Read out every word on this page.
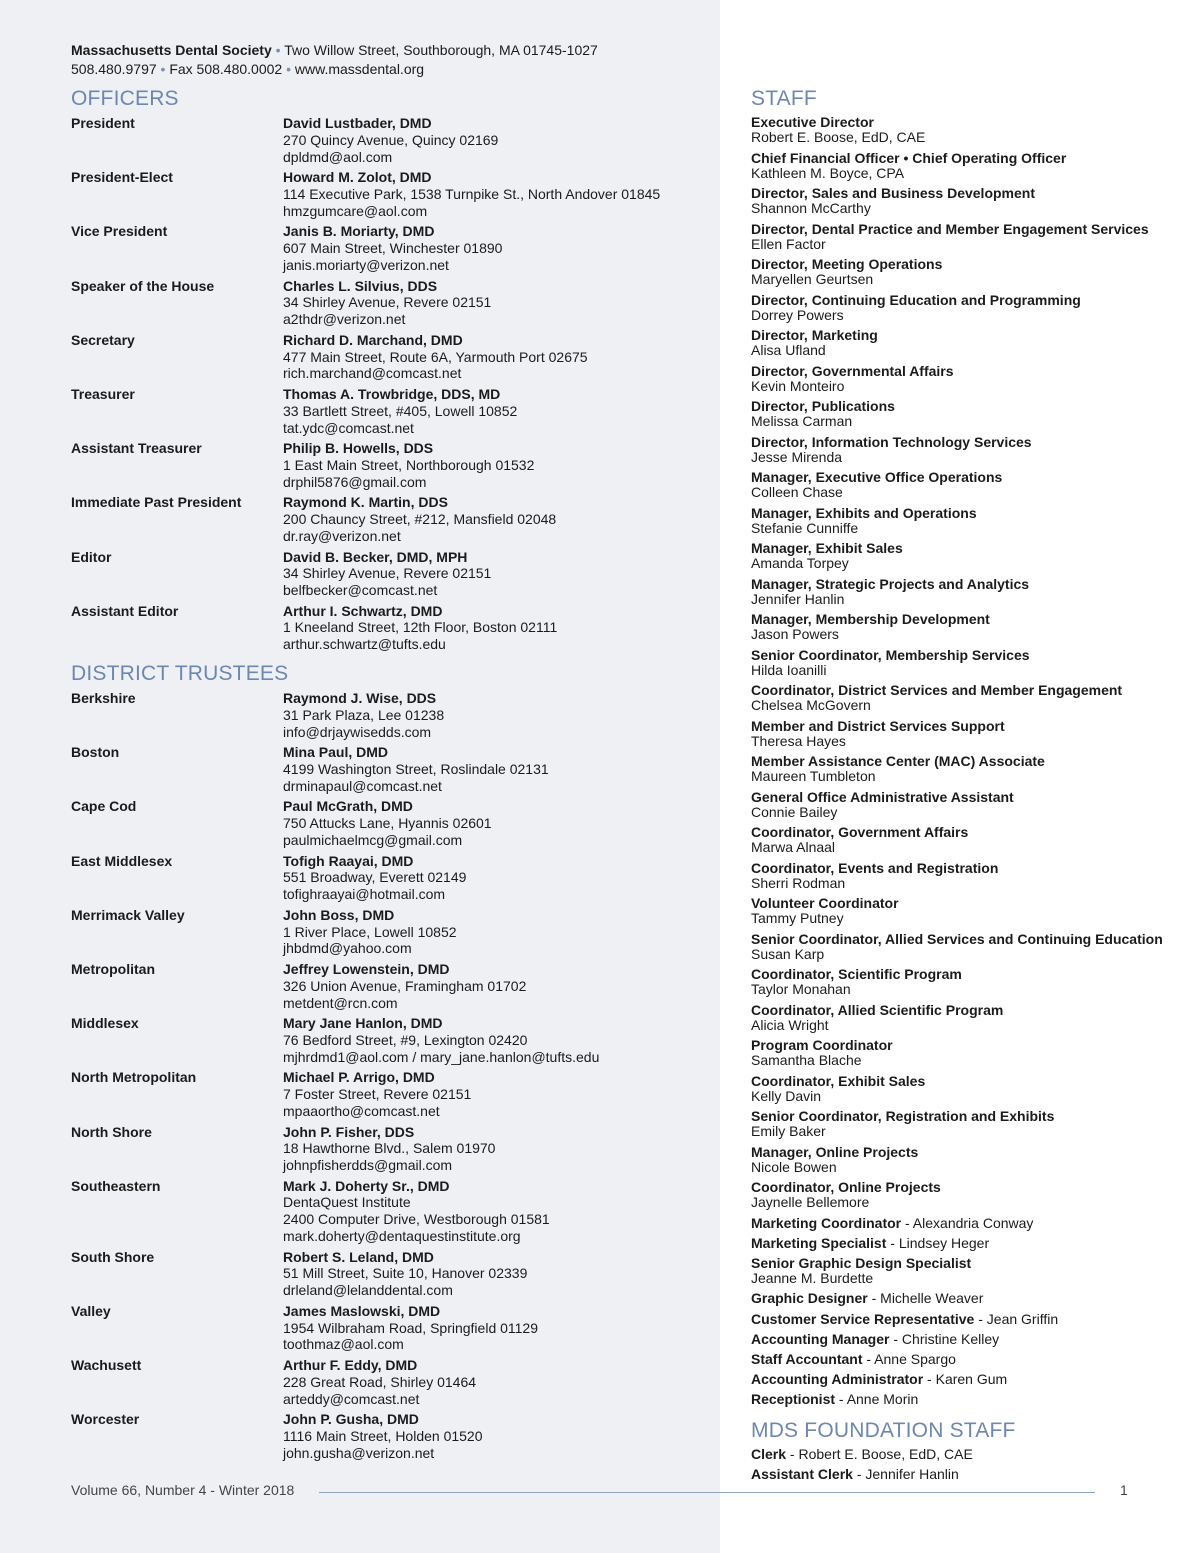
Massachusetts Dental Society • Two Willow Street, Southborough, MA 01745-1027
508.480.9797 • Fax 508.480.0002 • www.massdental.org
OFFICERS
President	David Lustbader, DMD
270 Quincy Avenue, Quincy 02169
dpldmd@aol.com
President-Elect	Howard M. Zolot, DMD
114 Executive Park, 1538 Turnpike St., North Andover 01845
hmzgumcare@aol.com
Vice President	Janis B. Moriarty, DMD
607 Main Street, Winchester 01890
janis.moriarty@verizon.net
Speaker of the House	Charles L. Silvius, DDS
34 Shirley Avenue, Revere 02151
a2thdr@verizon.net
Secretary	Richard D. Marchand, DMD
477 Main Street, Route 6A, Yarmouth Port 02675
rich.marchand@comcast.net
Treasurer	Thomas A. Trowbridge, DDS, MD
33 Bartlett Street, #405, Lowell 10852
tat.ydc@comcast.net
Assistant Treasurer	Philip B. Howells, DDS
1 East Main Street, Northborough 01532
drphil5876@gmail.com
Immediate Past President	Raymond K. Martin, DDS
200 Chauncy Street, #212, Mansfield 02048
dr.ray@verizon.net
Editor	David B. Becker, DMD, MPH
34 Shirley Avenue, Revere 02151
belfbecker@comcast.net
Assistant Editor	Arthur I. Schwartz, DMD
1 Kneeland Street, 12th Floor, Boston 02111
arthur.schwartz@tufts.edu
DISTRICT TRUSTEES
Berkshire	Raymond J. Wise, DDS
31 Park Plaza, Lee 01238
info@drjaywisedds.com
Boston	Mina Paul, DMD
4199 Washington Street, Roslindale 02131
drminapaul@comcast.net
Cape Cod	Paul McGrath, DMD
750 Attucks Lane, Hyannis 02601
paulmichaelmcg@gmail.com
East Middlesex	Tofigh Raayai, DMD
551 Broadway, Everett 02149
tofighraayai@hotmail.com
Merrimack Valley	John Boss, DMD
1 River Place, Lowell 10852
jhbdmd@yahoo.com
Metropolitan	Jeffrey Lowenstein, DMD
326 Union Avenue, Framingham 01702
metdent@rcn.com
Middlesex	Mary Jane Hanlon, DMD
76 Bedford Street, #9, Lexington 02420
mjhrdmd1@aol.com / mary_jane.hanlon@tufts.edu
North Metropolitan	Michael P. Arrigo, DMD
7 Foster Street, Revere 02151
mpaaortho@comcast.net
North Shore	John P. Fisher, DDS
18 Hawthorne Blvd., Salem 01970
johnpfisherdds@gmail.com
Southeastern	Mark J. Doherty Sr., DMD
DentaQuest Institute
2400 Computer Drive, Westborough 01581
mark.doherty@dentaquestinstitute.org
South Shore	Robert S. Leland, DMD
51 Mill Street, Suite 10, Hanover 02339
drleland@lelanddental.com
Valley	James Maslowski, DMD
1954 Wilbraham Road, Springfield 01129
toothmaz@aol.com
Wachusett	Arthur F. Eddy, DMD
228 Great Road, Shirley 01464
arteddy@comcast.net
Worcester	John P. Gusha, DMD
1116 Main Street, Holden 01520
john.gusha@verizon.net
STAFF
Executive Director
Robert E. Boose, EdD, CAE
Chief Financial Officer • Chief Operating Officer
Kathleen M. Boyce, CPA
Director, Sales and Business Development
Shannon McCarthy
Director, Dental Practice and Member Engagement Services
Ellen Factor
Director, Meeting Operations
Maryellen Geurtsen
Director, Continuing Education and Programming
Dorrey Powers
Director, Marketing
Alisa Ufland
Director, Governmental Affairs
Kevin Monteiro
Director, Publications
Melissa Carman
Director, Information Technology Services
Jesse Mirenda
Manager, Executive Office Operations
Colleen Chase
Manager, Exhibits and Operations
Stefanie Cunniffe
Manager, Exhibit Sales
Amanda Torpey
Manager, Strategic Projects and Analytics
Jennifer Hanlin
Manager, Membership Development
Jason Powers
Senior Coordinator, Membership Services
Hilda Ioanilli
Coordinator, District Services and Member Engagement
Chelsea McGovern
Member and District Services Support
Theresa Hayes
Member Assistance Center (MAC) Associate
Maureen Tumbleton
General Office Administrative Assistant
Connie Bailey
Coordinator, Government Affairs
Marwa Alnaal
Coordinator, Events and Registration
Sherri Rodman
Volunteer Coordinator
Tammy Putney
Senior Coordinator, Allied Services and Continuing Education
Susan Karp
Coordinator, Scientific Program
Taylor Monahan
Coordinator, Allied Scientific Program
Alicia Wright
Program Coordinator
Samantha Blache
Coordinator, Exhibit Sales
Kelly Davin
Senior Coordinator, Registration and Exhibits
Emily Baker
Manager, Online Projects
Nicole Bowen
Coordinator, Online Projects
Jaynelle Bellemore
Marketing Coordinator - Alexandria Conway
Marketing Specialist - Lindsey Heger
Senior Graphic Design Specialist
Jeanne M. Burdette
Graphic Designer - Michelle Weaver
Customer Service Representative - Jean Griffin
Accounting Manager - Christine Kelley
Staff Accountant - Anne Spargo
Accounting Administrator - Karen Gum
Receptionist - Anne Morin
MDS FOUNDATION STAFF
Clerk - Robert E. Boose, EdD, CAE
Assistant Clerk - Jennifer Hanlin
Volume 66, Number 4 - Winter 2018	1
